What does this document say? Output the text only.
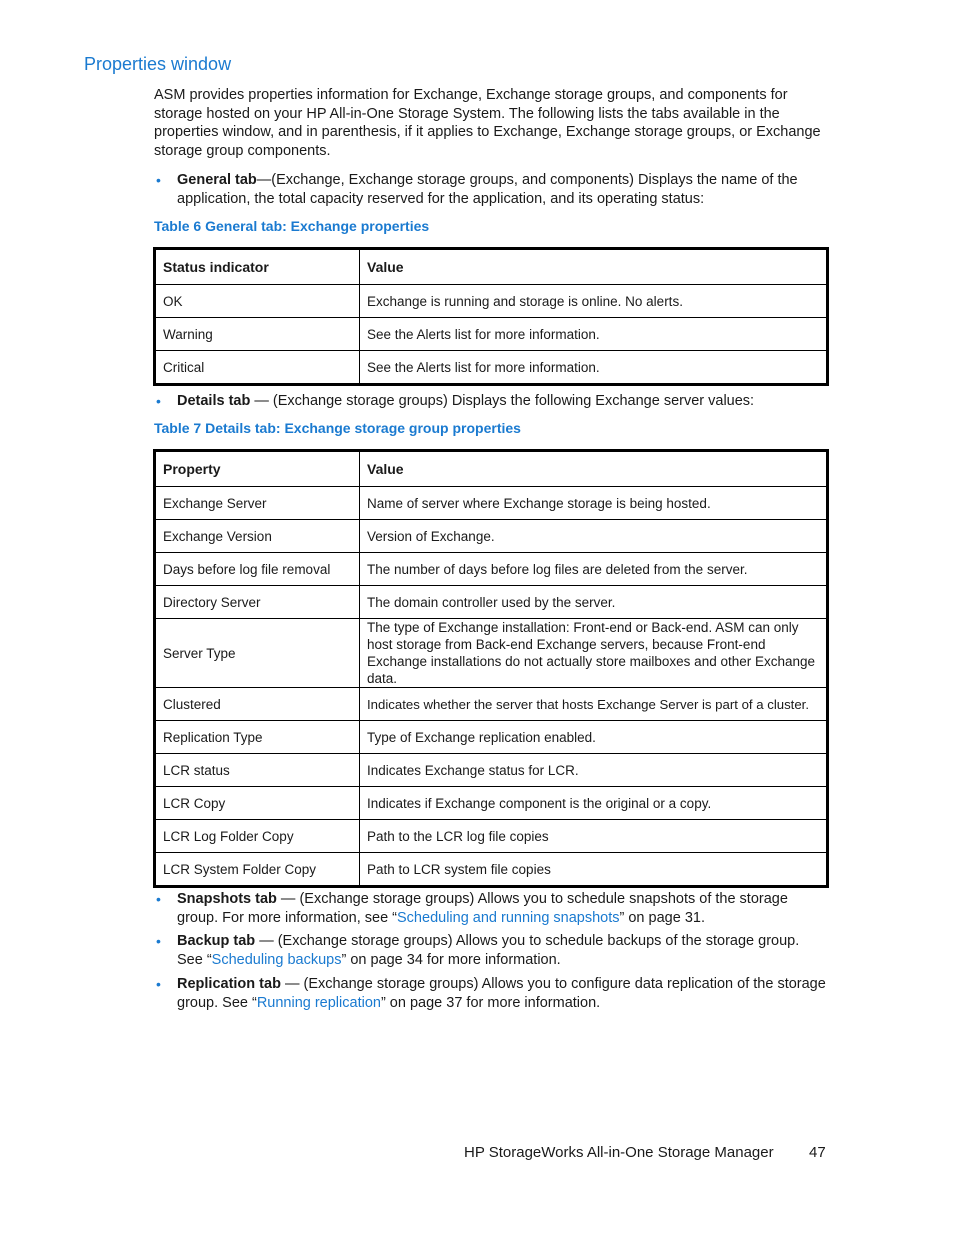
Properties window
ASM provides properties information for Exchange, Exchange storage groups, and components for storage hosted on your HP All-in-One Storage System. The following lists the tabs available in the properties window, and in parenthesis, if it applies to Exchange, Exchange storage groups, or Exchange storage group components.
• General tab—(Exchange, Exchange storage groups, and components) Displays the name of the application, the total capacity reserved for the application, and its operating status:
Table 6 General tab: Exchange properties
Status indicator	Value
OK	Exchange is running and storage is online. No alerts.
Warning	See the Alerts list for more information.
Critical	See the Alerts list for more information.
• Details tab — (Exchange storage groups) Displays the following Exchange server values:
Table 7 Details tab: Exchange storage group properties
Property	Value
Exchange Server	Name of server where Exchange storage is being hosted.
Exchange Version	Version of Exchange.
Days before log file removal	The number of days before log files are deleted from the server.
Directory Server	The domain controller used by the server.
Server Type	The type of Exchange installation: Front-end or Back-end. ASM can only host storage from Back-end Exchange servers, because Front-end Exchange installations do not actually store mailboxes and other Exchange data.
Clustered	Indicates whether the server that hosts Exchange Server is part of a cluster.
Replication Type	Type of Exchange replication enabled.
LCR status	Indicates Exchange status for LCR.
LCR Copy	Indicates if Exchange component is the original or a copy.
LCR Log Folder Copy	Path to the LCR log file copies
LCR System Folder Copy	Path to LCR system file copies
• Snapshots tab — (Exchange storage groups) Allows you to schedule snapshots of the storage group. For more information, see “Scheduling and running snapshots” on page 31.
• Backup tab — (Exchange storage groups) Allows you to schedule backups of the storage group. See “Scheduling backups” on page 34 for more information.
• Replication tab — (Exchange storage groups) Allows you to configure data replication of the storage group. See “Running replication” on page 37 for more information.
HP StorageWorks All-in-One Storage Manager 47
